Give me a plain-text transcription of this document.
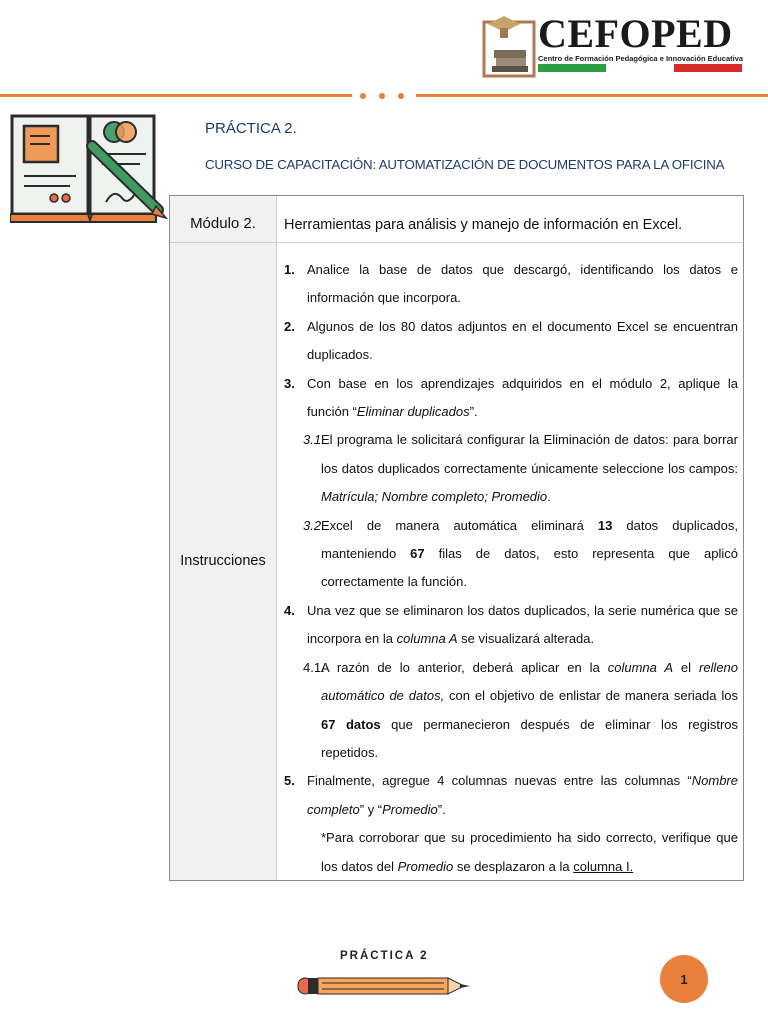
CEFOPED
Centro de Formación Pedagógica e Innovación Educativa
PRÁCTICA 2.
CURSO DE CAPACITACIÓN: AUTOMATIZACIÓN DE DOCUMENTOS PARA LA OFICINA
Módulo 2.	Herramientas para análisis y manejo de información en Excel.
Instrucciones
1. Analice la base de datos que descargó, identificando los datos e información que incorpora.
2. Algunos de los 80 datos adjuntos en el documento Excel se encuentran duplicados.
3. Con base en los aprendizajes adquiridos en el módulo 2, aplique la función “Eliminar duplicados”.
3.1.
El programa le solicitará configurar la Eliminación de datos: para borrar los datos duplicados correctamente únicamente seleccione los campos: Matrícula; Nombre completo; Promedio.
3.2.
Excel de manera automática eliminará 13 datos duplicados, manteniendo 67 filas de datos, esto representa que aplicó correctamente la función.
4. Una vez que se eliminaron los datos duplicados, la serie numérica que se incorpora en la columna A se visualizará alterada.
4.1.
A razón de lo anterior, deberá aplicar en la columna A el relleno automático de datos, con el objetivo de enlistar de manera seriada los 67 datos que permanecieron después de eliminar los registros repetidos.
5. Finalmente, agregue 4 columnas nuevas entre las columnas “Nombre completo” y “Promedio”.
*Para corroborar que su procedimiento ha sido correcto, verifique que los datos del Promedio se desplazaron a la columna I.
PRÁCTICA 2
1
